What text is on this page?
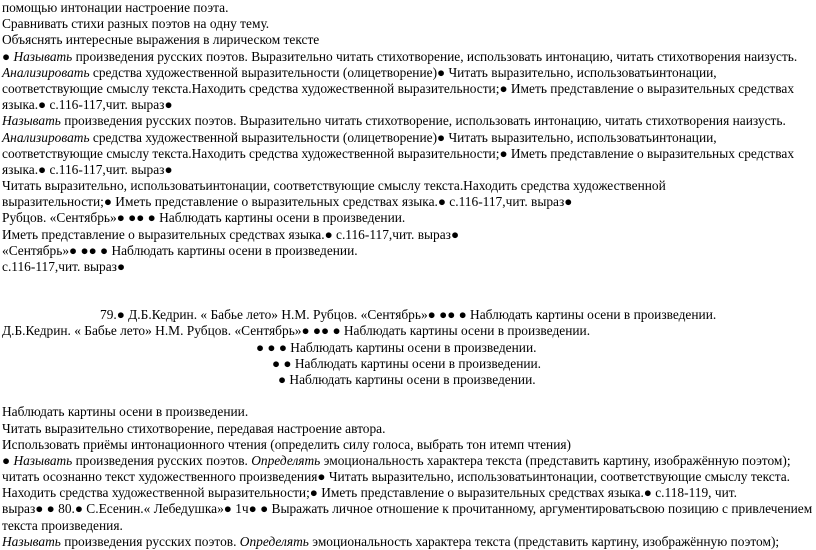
помощью интонации настроение поэта.
Сравнивать стихи разных поэтов на одну тему.
Объяснять интересные выражения в лирическом тексте
● Называть произведения русских поэтов. Выразительно читать стихотворение, использовать интонацию, читать стихотворения наизусть.
Анализировать средства художественной выразительности (олицетворение)● Читать выразительно, использоватьинтонации,
соответствующие смыслу текста.Находить средства художественной выразительности;● Иметь представление о выразительных средствах
языка.● с.116-117,чит. выраз●
Называть произведения русских поэтов. Выразительно читать стихотворение, использовать интонацию, читать стихотворения наизусть.
Анализировать средства художественной выразительности (олицетворение)● Читать выразительно, использоватьинтонации,
соответствующие смыслу текста.Находить средства художественной выразительности;● Иметь представление о выразительных средствах
языка.● с.116-117,чит. выраз●
Читать выразительно, использоватьинтонации, соответствующие смыслу текста.Находить средства художественной
выразительности;● Иметь представление о выразительных средствах языка.● с.116-117,чит. выраз●
Рубцов. «Сентябрь»● ●● ● Наблюдать картины осени в произведении.
Иметь представление о выразительных средствах языка.● с.116-117,чит. выраз●
«Сентябрь»● ●● ● Наблюдать картины осени в произведении.
с.116-117,чит. выраз●
79.● Д.Б.Кедрин. « Бабье лето» Н.М. Рубцов. «Сентябрь»● ●● ● Наблюдать картины осени в произведении.
Д.Б.Кедрин. « Бабье лето» Н.М. Рубцов. «Сентябрь»● ●● ● Наблюдать картины осени в произведении.
● ● ● Наблюдать картины осени в произведении.
● ● Наблюдать картины осени в произведении.
● Наблюдать картины осени в произведении.
Наблюдать картины осени в произведении.
Читать выразительно стихотворение, передавая настроение автора.
Использовать приёмы интонационного чтения (определить силу голоса, выбрать тон итемп чтения)
● Называть произведения русских поэтов. Определять эмоциональность характера текста (представить картину, изображённую поэтом);
читать осознанно текст художественного произведения● Читать выразительно, использоватьинтонации, соответствующие смыслу текста.
Находить средства художественной выразительности;● Иметь представление о выразительных средствах языка.● с.118-119, чит.
выраз● ● 80.● С.Есенин.« Лебедушка»● 1ч● ● Выражать личное отношение к прочитанному, аргументироватьсвою позицию с привлечением
текста произведения.
Называть произведения русских поэтов. Определять эмоциональность характера текста (представить картину, изображённую поэтом);
